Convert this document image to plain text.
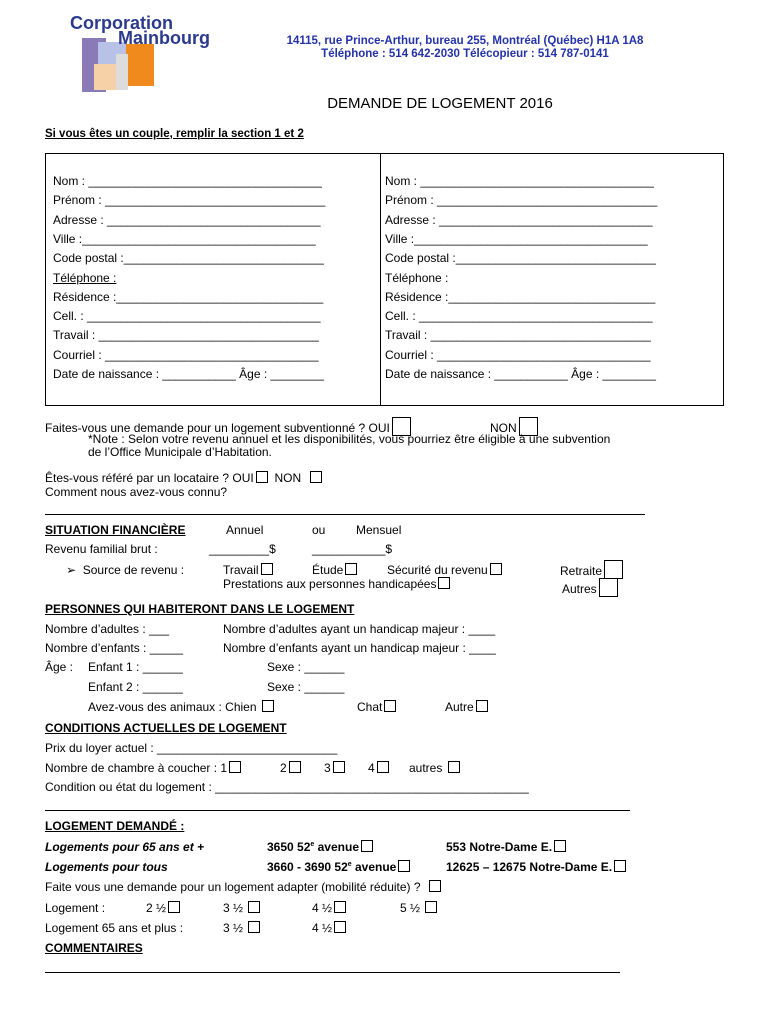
Corporation
Mainbourg	14115, rue Prince-Arthur, bureau 255, Montréal (Québec) H1A 1A8
Téléphone : 514 642-2030 Télécopieur : 514 787-0141
DEMANDE DE LOGEMENT 2016
Si vous êtes un couple, remplir la section 1 et 2
Nom : ___________________________________
Prénom : _________________________________
Adresse : ________________________________
Ville :___________________________________
Code postal :______________________________
Téléphone :
Résidence :_______________________________
Cell. : ___________________________________
Travail : _________________________________
Courriel : ________________________________
Date de naissance : ___________ Âge : ________
Nom : ___________________________________
Prénom : _________________________________
Adresse : ________________________________
Ville :___________________________________
Code postal :______________________________
Téléphone :
Résidence :_______________________________
Cell. : ___________________________________
Travail : _________________________________
Courriel : ________________________________
Date de naissance : ___________ Âge : ________
Faites-vous une demande pour un logement subventionné ? OUI	NON
*Note : Selon votre revenu annuel et les disponibilités, vous pourriez être éligible à une subvention
de l’Office Municipale d’Habitation.
Êtes-vous référé par un locataire ? OUI NON
Comment nous avez-vous connu?
SITUATION FINANCIÈRE	Annuel	ou	Mensuel
Revenu familial brut :	_________$	___________$
➢ Source de revenu :	Travail	Étude	Sécurité du revenu	Retraite
Prestations aux personnes handicapées	Autres
PERSONNES QUI HABITERONT DANS LE LOGEMENT
Nombre d’adultes : ___	Nombre d’adultes ayant un handicap majeur : ____
Nombre d’enfants : _____	Nombre d’enfants ayant un handicap majeur : ____
Âge : Enfant 1 : ______	Sexe : ______
Enfant 2 : ______	Sexe : ______
Avez-vous des animaux : Chien	Chat	Autre
CONDITIONS ACTUELLES DE LOGEMENT
Prix du loyer actuel : ___________________________
Nombre de chambre à coucher : 1	2	3	4	autres
Condition ou état du logement : _______________________________________________
LOGEMENT DEMANDÉ :
Logements pour 65 ans et +	3650 52e avenue	553 Notre-Dame E.
Logements pour tous	3660 - 3690 52e avenue	12625 – 12675 Notre-Dame E.
Faite vous une demande pour un logement adapter (mobilité réduite) ?
Logement :	2 ½	3 ½	4 ½	5 ½
Logement 65 ans et plus :	3 ½	4 ½
COMMENTAIRES
